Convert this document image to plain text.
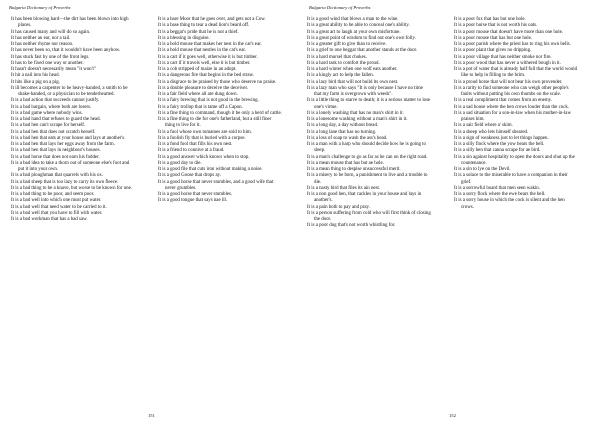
Bulgaria Dictionary of Proverbs

It has been blowing hard—the dirt has been blown into high places.

It has caused many and will do so again.

It has neither an ear, nor a tail.

It has neither rhyme nor reason.

It has never been so, that it wouldn't have been anyhow.

It has stuck fast by one of the front legs.

It has to be fixed one way or another.

It hasn't doesn't necessarily mean "it won't"

It hit a nail into his head.

It hits like a pig on a pig.

It ill becomes a carpenter to be heavy-handed, a smith to be shake-handed, or a physician to be tenderhearted.

It is a bad action that succeeds cannot justify.

It is a bad bargain, where both are losers.

It is a bad game where nobody wins.

It is a bad hand that refuses to guard the head.

It is a bad hen can't scrape for herself.

It is a bad hen that does not scratch herself.

It is a bad hen that eats at your house and lays at another's.

It is a bad hen that lays her eggs away from the farm.

It is a bad hen that lays in neighbour's houses.

It is a bad horse that does not earn his fodder.

It is a bad idea to take a thorn out of someone else's foot and put it into your own.

It is a bad ploughman that quarrels with his ox.

It is a bad sheep that is too lazy to carry its own fleece.

It is a bad thing to be a knave, but worse to be known for one.

It is a bad thing to be poor, and seem poor.

It is a bad well into which one must put water.

It is a bad well that need water to be carried to it.

It is a bad well that you have to fill with water.

It is a bad workman that has a bad saw.

It is a bare Moor that he goes over, and gets not a Cow.

It is a base thing to tear a dead lion's beard off.

It is a beggar's pride that he is not a thief.

It is a blessing in disguise.

It is a bold mouse that makes her nest in the cat's ear.

It is a bold mouse that nestles in the cat's ear.

It is a cart if it goes well, otherwise it is but timber.

It is a cart if it travels well, else it is but timber.

It is a cob stripped of maize in an adopt.

It is a dangerous fire that begins in the bed straw.

It is a disgrace to be praised by those who deserve no praise.

It is a double pleasure to deceive the deceiver.

It is a fair field where all are dung down.

It is a fairy brewing that is not good in the brewing.

It is a fairy trollop that is tame off a Capon.

It is a fine thing to command, though it be only a herd of cattle.

It is a fine thing to die for one's fatherland, but a still finer thing to live for it.

It is a fool whose own tomatoes are sold to him.

It is a foolish fly that is buried with a corpse.

It is a fond fool that fills his own nest.

It is a friend to connive at a fraud.

It is a good answer which knows when to stop.

It is a good day to die.

It is a good file that cuts iron without making a noise.

It is a good Goose that drops ay.

It is a good horse that never stumbles, and a good wife that never grumbles.

It is a good horse that never stumbles.

It is a good tongue that says nae ill.

151
Bulgaria Dictionary of Proverbs

It is a good wind that blows a man to the wine.

It is a great ability to be able to conceal one's ability.

It is a great art to laugh at your own misfortune.

It is a great point of wisdom to find out one's own folly.

It is a greater gift to give than to receive.

It is a grief to one beggar that another stands at the door.

It is a hard morsel that chokes.

It is a hard task to comfort the proud.

It is a hard winter when one wolf eats another.

It is a kingly act to help the fallen.

It is a lazy bird that will not build its own nest.

It is a lazy man who says "It is only because I have no time that my farm is overgrown with weeds".

It is a little thing to starve to death; it is a serious matter to lose one's virtue.

It is a lonely washing that has no man's shirt in it.

It is a lonesome washing without a man's shirt in it.

It is a long day, a day without bread.

It is a long lane that has no turning.

It is a loss of soap to wash the ass's head.

It is a man with a harp who should decide how he is going to sleep.

It is a man's challenge to go as far as he can on the right road.

It is a mean mouse that has but ae hole.

It is a mean thing to despise unsuccessful merit.

It is a misery to be born, a punishment to live and a trouble to die.

It is a nasty bird that files its ain nest.

It is a non good hen, that cackles in your house and lays in another's.

It is a pain both to pay and pray.

It is a person suffering from cold who will first think of closing the door.

It is a poor dog that's not worth whistling for.

It is a poor fox that has but one hole.

It is a poor horse that is not worth his oats.

It is a poor mouse that doesn't have more than one hole.

It is a poor mouse that has but one hole.

It is a poor parish where the priest has to ring his own bells.

It is a poor plant that gives no dripping.

It is a poor village that has neither smoke nor fire.

It is a poor wood that has never a withered bough in it.

It is a pot of water that is already half full that the world would like to help in filling to the brim.

It is a proud horse that will not bear his own provender.

It is a rarity to find someone who can weigh other people's faults without putting his own thumbs on the scale.

It is a real compliment that comes from an enemy.

It is a sad house where the hen crows louder than the cock.

It is a sad situation for a son-in-law when his mother-in-law praises him.

It is a sair field where a' skim.

It is a sheep who lets himself sheared.

It is a sign of weakness just to let things happen.

It is a silly flock where the yow bears the bell.

It is a silly hen that canna scrape for ae bird.

It is a sin against hospitality to open the doors and shut up the countenance.

It is a sin to lye on the Devil.

It is a solace to the miserable to have a companion in their grief.

It is a sorrowful board that men seen wakin.

It is a sorry flock where the ewe bears the bell.

It is a sorry house in which the cock is silent and the hen crows.

152
